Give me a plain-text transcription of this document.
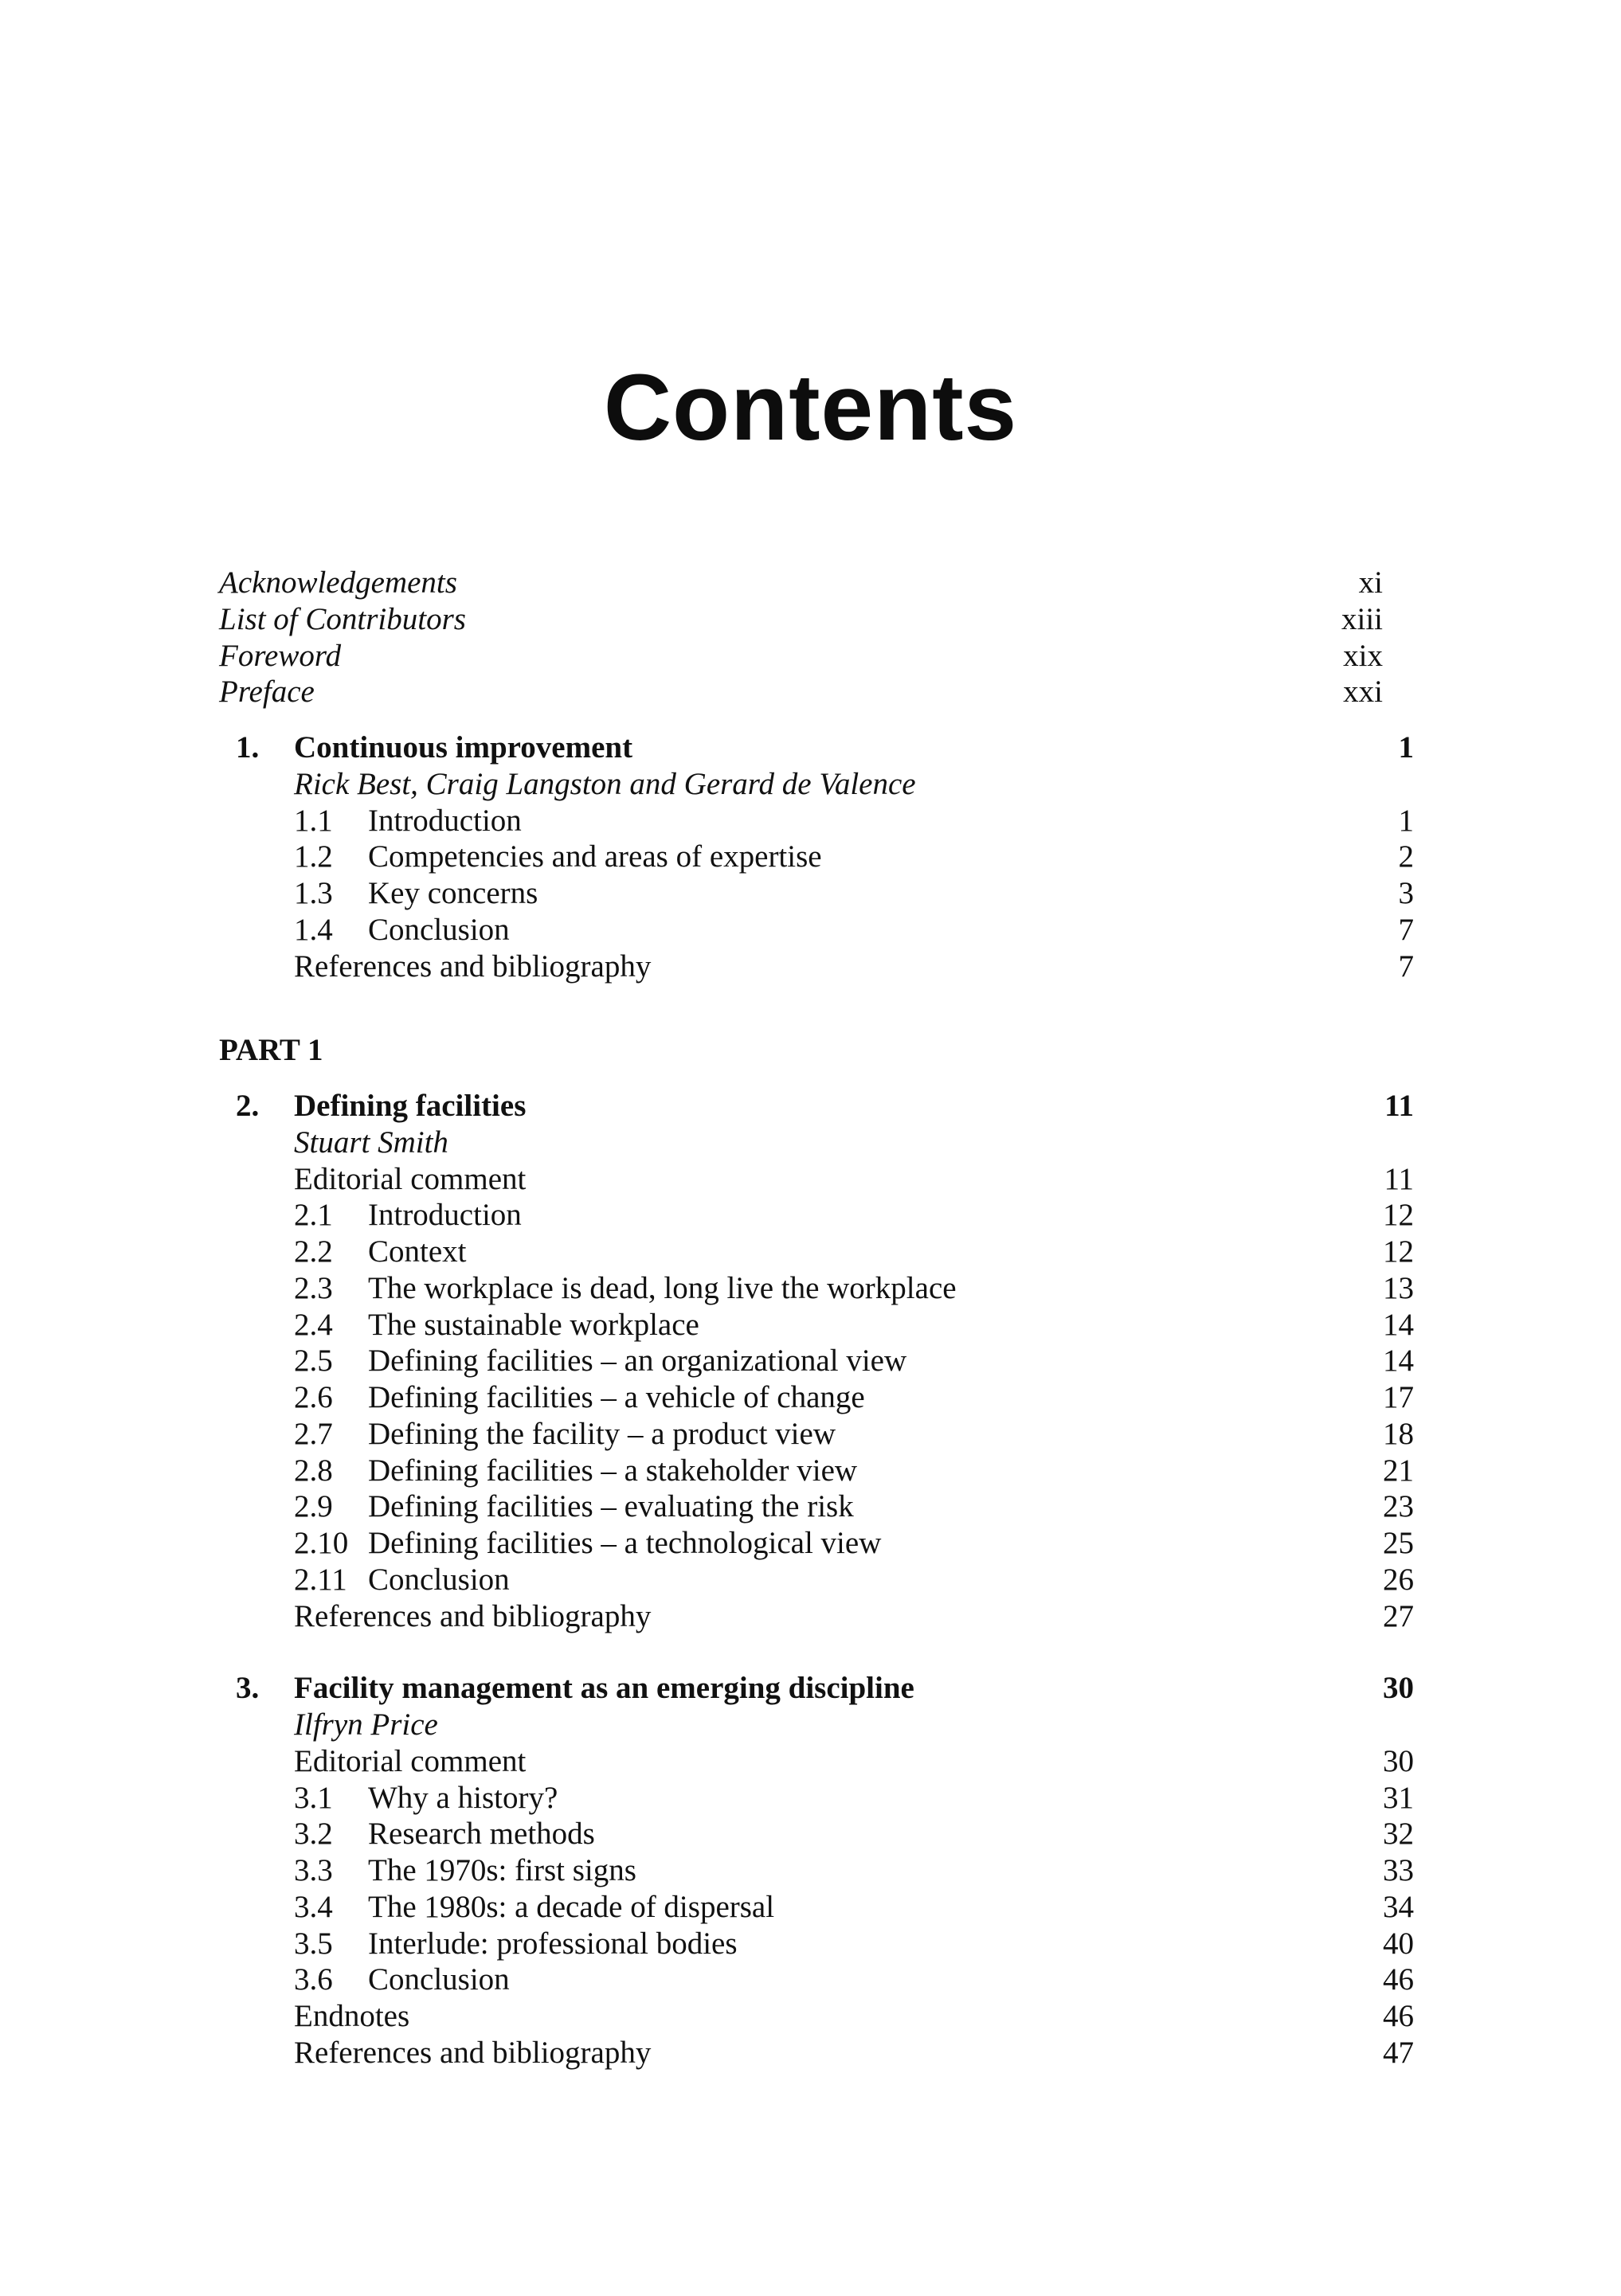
Contents
Acknowledgements	xi
List of Contributors	xiii
Foreword	xix
Preface	xxi
1. Continuous improvement	1
Rick Best, Craig Langston and Gerard de Valence
1.1 Introduction	1
1.2 Competencies and areas of expertise	2
1.3 Key concerns	3
1.4 Conclusion	7
References and bibliography	7
PART 1
2. Defining facilities	11
Stuart Smith
Editorial comment	11
2.1 Introduction	12
2.2 Context	12
2.3 The workplace is dead, long live the workplace	13
2.4 The sustainable workplace	14
2.5 Defining facilities – an organizational view	14
2.6 Defining facilities – a vehicle of change	17
2.7 Defining the facility – a product view	18
2.8 Defining facilities – a stakeholder view	21
2.9 Defining facilities – evaluating the risk	23
2.10 Defining facilities – a technological view	25
2.11 Conclusion	26
References and bibliography	27
3. Facility management as an emerging discipline	30
Ilfryn Price
Editorial comment	30
3.1 Why a history?	31
3.2 Research methods	32
3.3 The 1970s: first signs	33
3.4 The 1980s: a decade of dispersal	34
3.5 Interlude: professional bodies	40
3.6 Conclusion	46
Endnotes	46
References and bibliography	47
